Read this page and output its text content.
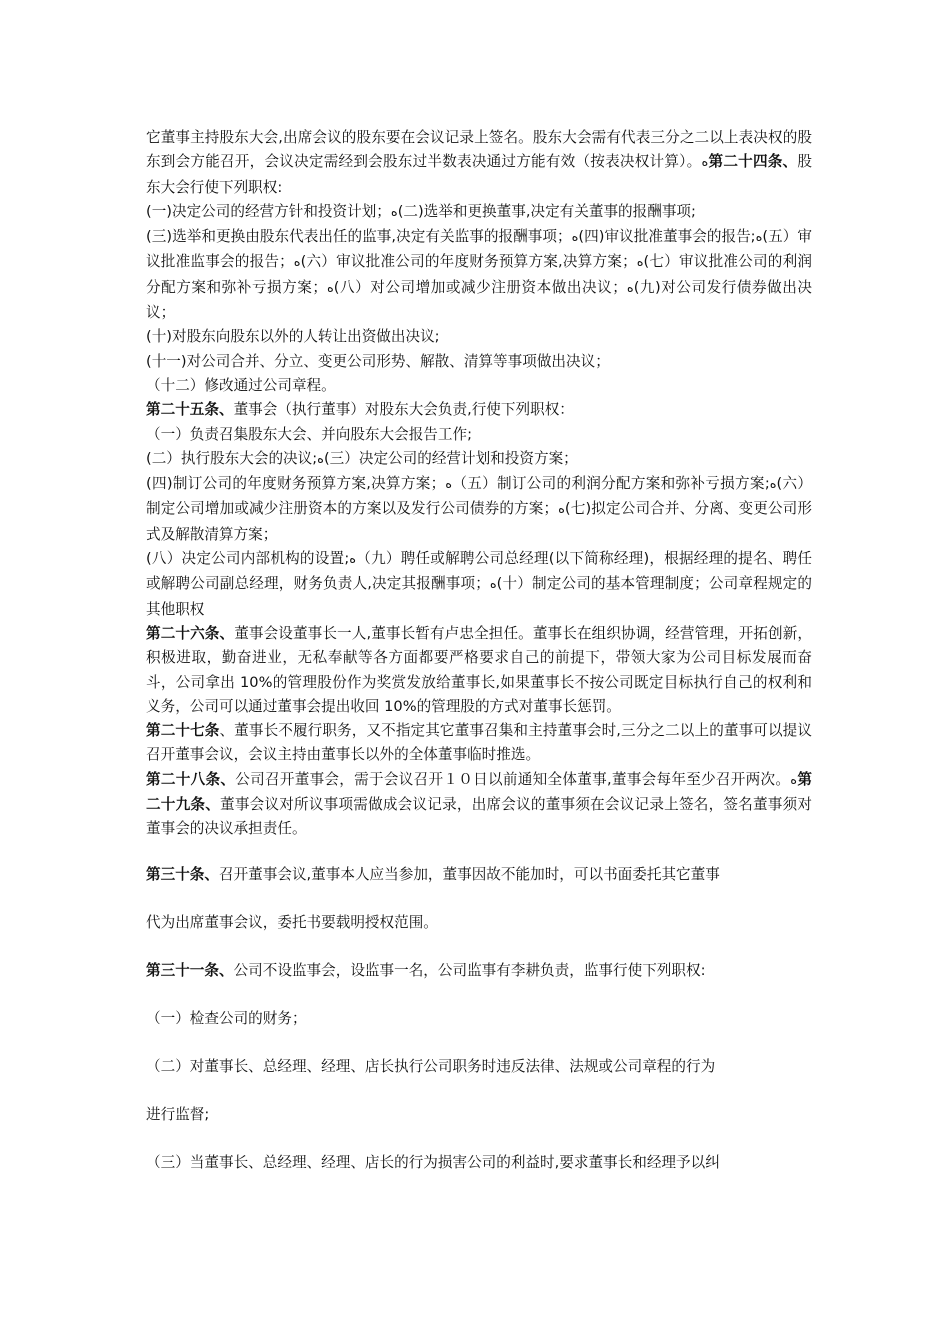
它董事主持股东大会,出席会议的股东要在会议记录上签名。股东大会需有代表三分之二以上表决权的股东到会方能召开，会议决定需经到会股东过半数表决通过方能有效（按表决权计算）。ه第二十四条、股东大会行使下列职权:

(一)决定公司的经营方针和投资计划；ه(二)选举和更换董事,决定有关董事的报酬事项;

(三)选举和更换由股东代表出任的监事,决定有关监事的报酬事项；ه(四)审议批准董事会的报告;ه(五）审议批准监事会的报告；ه(六）审议批准公司的年度财务预算方案,决算方案；ه(七）审议批准公司的利润分配方案和弥补亏损方案；ه(八）对公司增加或减少注册资本做出决议；ه(九)对公司发行债券做出决议；

(十)对股东向股东以外的人转让出资做出决议;

(十一)对公司合并、分立、变更公司形势、解散、清算等事项做出决议；

（十二）修改通过公司章程。

第二十五条、董事会（执行董事）对股东大会负责,行使下列职权：

（一）负责召集股东大会、并向股东大会报告工作;

(二）执行股东大会的决议;ه(三）决定公司的经营计划和投资方案；

(四)制订公司的年度财务预算方案,决算方案；ه（五）制订公司的利润分配方案和弥补亏损方案;ه(六）制定公司增加或减少注册资本的方案以及发行公司债券的方案；ه(七)拟定公司合并、分离、变更公司形式及解散清算方案；

(八）决定公司内部机构的设置;ه（九）聘任或解聘公司总经理(以下简称经理)，根据经理的提名、聘任或解聘公司副总经理，财务负责人,决定其报酬事项；ه(十）制定公司的基本管理制度；公司章程规定的其他职权

第二十六条、董事会设董事长一人,董事长暂有卢忠全担任。董事长在组织协调，经营管理，开拓创新，积极进取，勤奋进业，无私奉献等各方面都要严格要求自己的前提下，带领大家为公司目标发展而奋斗，公司拿出 10%的管理股份作为奖赏发放给董事长,如果董事长不按公司既定目标执行自己的权利和义务，公司可以通过董事会提出收回 10%的管理股的方式对董事长惩罚。

第二十七条、董事长不履行职务，又不指定其它董事召集和主持董事会时,三分之二以上的董事可以提议召开董事会议，会议主持由董事长以外的全体董事临时推选。

第二十八条、公司召开董事会，需于会议召开１０日以前通知全体董事,董事会每年至少召开两次。ه第二十九条、董事会议对所议事项需做成会议记录，出席会议的董事须在会议记录上签名，签名董事须对董事会的决议承担责任。

第三十条、召开董事会议,董事本人应当参加，董事因故不能加时，可以书面委托其它董事

代为出席董事会议，委托书要载明授权范围。

第三十一条、公司不设监事会，设监事一名，公司监事有李耕负责，监事行使下列职权:

（一）检查公司的财务；

（二）对董事长、总经理、经理、店长执行公司职务时违反法律、法规或公司章程的行为

进行监督;

（三）当董事长、总经理、经理、店长的行为损害公司的利益时,要求董事长和经理予以纠
